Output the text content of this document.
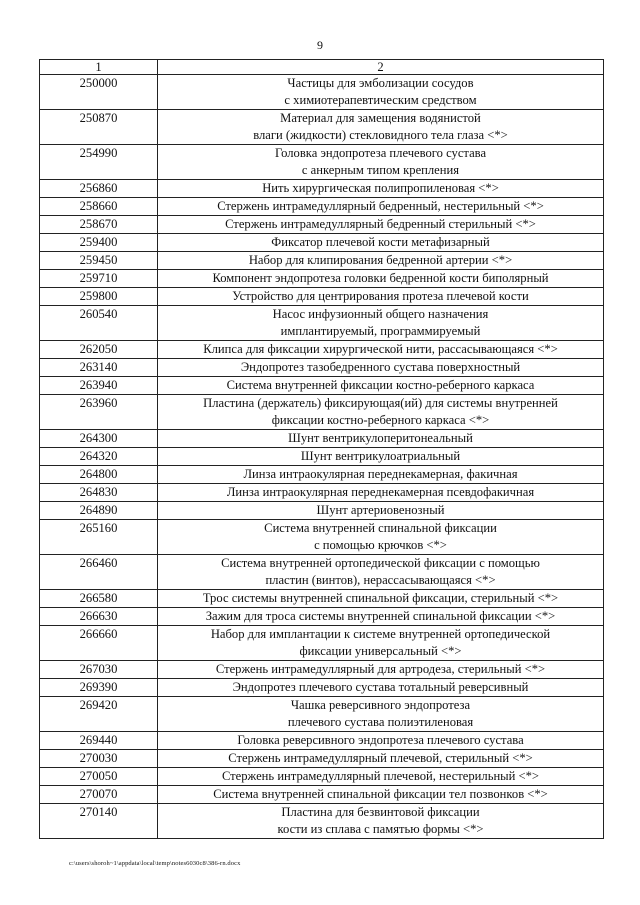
9
1	2
250000	Частицы для эмболизации сосудов
с химиотерапевтическим средством
250870	Материал для замещения водянистой
влаги (жидкости) стекловидного тела глаза <*>
254990	Головка эндопротеза плечевого сустава
с анкерным типом крепления
256860	Нить хирургическая полипропиленовая <*>
258660	Стержень интрамедуллярный бедренный, нестерильный <*>
258670	Стержень интрамедуллярный бедренный стерильный <*>
259400	Фиксатор плечевой кости метафизарный
259450	Набор для клипирования бедренной артерии <*>
259710	Компонент эндопротеза головки бедренной кости биполярный
259800	Устройство для центрирования протеза плечевой кости
260540	Насос инфузионный общего назначения
имплантируемый, программируемый
262050	Клипса для фиксации хирургической нити, рассасывающаяся <*>
263140	Эндопротез тазобедренного сустава поверхностный
263940	Система внутренней фиксации костно-реберного каркаса
263960	Пластина (держатель) фиксирующая(ий) для системы внутренней
фиксации костно-реберного каркаса <*>
264300	Шунт вентрикулоперитонеальный
264320	Шунт вентрикулоатриальный
264800	Линза интраокулярная переднекамерная, факичная
264830	Линза интраокулярная переднекамерная псевдофакичная
264890	Шунт артериовенозный
265160	Система внутренней спинальной фиксации
с помощью крючков <*>
266460	Система внутренней ортопедической фиксации с помощью
пластин (винтов), нерассасывающаяся <*>
266580	Трос системы внутренней спинальной фиксации, стерильный <*>
266630	Зажим для троса системы внутренней спинальной фиксации <*>
266660	Набор для имплантации к системе внутренней ортопедической
фиксации универсальный <*>
267030	Стержень интрамедуллярный для артродеза, стерильный <*>
269390	Эндопротез плечевого сустава тотальный реверсивный
269420	Чашка реверсивного эндопротеза
плечевого сустава полиэтиленовая
269440	Головка реверсивного эндопротеза плечевого сустава
270030	Стержень интрамедуллярный плечевой, стерильный <*>
270050	Стержень интрамедуллярный плечевой, нестерильный <*>
270070	Система внутренней спинальной фиксации тел позвонков <*>
270140	Пластина для безвинтовой фиксации
кости из сплава с памятью формы <*>
c:\users\shoroh~1\appdata\local\temp\notes6030c8\386-rn.docx
